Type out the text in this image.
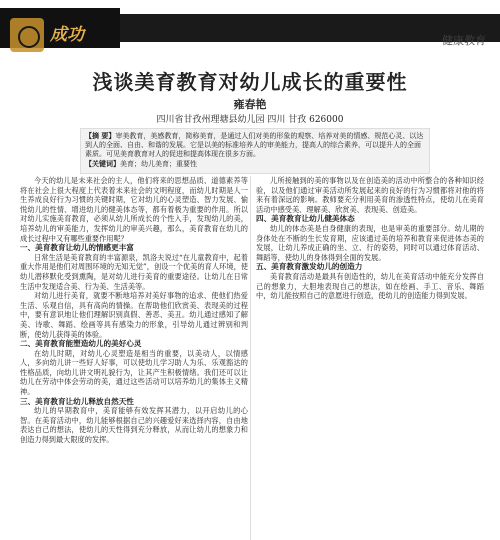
成功	健康教育
浅谈美育教育对幼儿成长的重要性
雍春艳
四川省甘孜州理塘县幼儿园 四川 甘孜 626000
【摘 要】审美教育，美感教育，简称美育，是通过人们对美的形象的观察、培养对美的情感、规范心灵、以达到人的全面、自由、和谐的发展。它是以美的标准培养人的审美能力，提高人的综合素养，可以提升人的全面素质。可见美育教育对人的促进和提高体现在很多方面。
【关键词】美育；幼儿美育；重要性

今天的幼儿是未来社会的主人，他们将来的思想品质、道德素养等将在社会上很大程度上代表着未来社会的文明程度，而幼儿时期是人一生养成良好行为习惯的关键时期，它对幼儿的心灵塑造、智力发展、愉悦幼儿的性情、增进幼儿的健美体态等，都有着极为重要的作用。所以对幼儿实施美育教育，必须从幼儿所成长的个性入手，发现幼儿的美，培养幼儿的审美能力，发挥幼儿的审美兴趣，那么，美育教育在幼儿的成长过程中又有哪些重要作用呢？

一、美育教育让幼儿的情感更丰富

日常生活是美育教育的丰富源泉，凯洛夫说过“在儿童教育中，起着重大作用是他们对周围环境的无知无觉”，创设一个优美的育人环境，使幼儿潜移默化受到熏陶，是对幼儿进行美育的重要途径。让幼儿在日常生活中发现适合美、行为美、生活美等。

对幼儿进行美育，就要不断地培养对美好事物的追求、使他们热爱生活、乐观自信，具有高尚的情操。在帮助他们欣赏美、表现美的过程中，要有意识地让他们理解识别真假、善恶、美丑。幼儿通过感知了解美、诗歌、舞蹈、绘画等具有感染力的形象，引导幼儿通过辨别和判断，使幼儿获得美的体验。

二、美育教育能塑造幼儿的美好心灵

在幼儿时期，对幼儿心灵塑造是相当的重要，以美动人，以情感人，多向幼儿讲一些好人好事，可以使幼儿学习助人为乐、乐观豁达的性格品质，向幼儿讲文明礼貌行为，让其产生积极情绪。我们还可以让幼儿在劳动中体会劳动的美，通过这些活动可以培养幼儿的集体主义精神。

三、美育教育让幼儿释放自然天性

幼儿的早期教育中，美育能够有效发挥其潜力，以开启幼儿的心智。在美育活动中，幼儿能够根据自己的兴趣爱好来选择内容，自由地表达自己的想法，使幼儿的天性得到充分释放，从而让幼儿的想象力和创造力得到最大限度的发挥。

儿所接触到的美的事物以及在创造美的活动中所整合的各种知识经验，以及他们通过审美活动所发展起来的良好的行为习惯都将对他的将来有着深远的影响。教师要充分利用美育的渗透性特点，使幼儿在美育活动中感受美、理解美、欣赏美、表现美、创造美。

四、美育教育让幼儿健美体态

幼儿的体态美是自身健康的表现，也是审美的重要部分。幼儿期的身体处在不断的生长发育期，应该通过美的培养和教育来促进体态美的发展，让幼儿养成正确的坐、立、行的姿势，同时可以通过体育活动、舞蹈等，使幼儿的身体得到全面的发展。

五、美育教育激发幼儿的创造力

美育教育活动是最具有创造性的，幼儿在美育活动中能充分发挥自己的想象力，大胆地表现自己的想法，如在绘画、手工、音乐、舞蹈中，幼儿能按照自己的意愿进行创造，使幼儿的创造能力得到发展。
